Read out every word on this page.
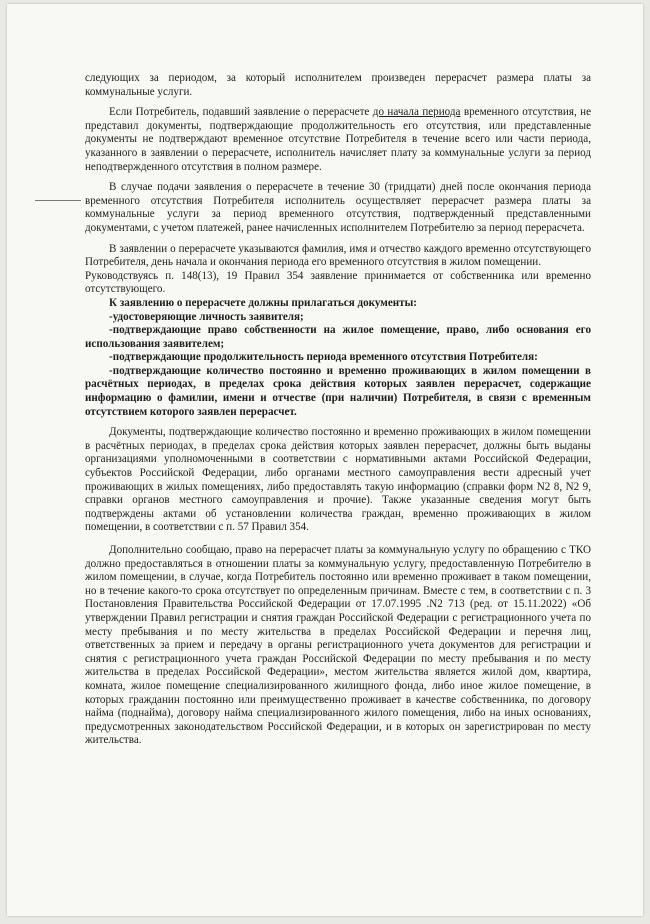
следующих за периодом, за который исполнителем произведен перерасчет размера платы за коммунальные услуги.

Если Потребитель, подавший заявление о перерасчете до начала периода временного отсутствия, не представил документы, подтверждающие продолжительность его отсутствия, или представленные документы не подтверждают временное отсутствие Потребителя в течение всего или части периода, указанного в заявлении о перерасчете, исполнитель начисляет плату за коммунальные услуги за период неподтвержденного отсутствия в полном размере.

В случае подачи заявления о перерасчете в течение 30 (тридцати) дней после окончания периода временного отсутствия Потребителя исполнитель осуществляет перерасчет размера платы за коммунальные услуги за период временного отсутствия, подтвержденный представленными документами, с учетом платежей, ранее начисленных исполнителем Потребителю за период перерасчета.

В заявлении о перерасчете указываются фамилия, имя и отчество каждого временно отсутствующего Потребителя, день начала и окончания периода его временного отсутствия в жилом помещении.

Руководствуясь п. 148(13), 19 Правил 354 заявление принимается от собственника или временно отсутствующего.

К заявлению о перерасчете должны прилагаться документы:

-удостоверяющие личность заявителя;

-подтверждающие право собственности на жилое помещение, право, либо основания его использования заявителем;

-подтверждающие продолжительность периода временного отсутствия Потребителя:

-подтверждающие количество постоянно и временно проживающих в жилом помещении в расчётных периодах, в пределах срока действия которых заявлен перерасчет, содержащие информацию о фамилии, имени и отчестве (при наличии) Потребителя, в связи с временным отсутствием которого заявлен перерасчет.

Документы, подтверждающие количество постоянно и временно проживающих в жилом помещении в расчётных периодах, в пределах срока действия которых заявлен перерасчет, должны быть выданы организациями уполномоченными в соответствии с нормативными актами Российской Федерации, субъектов Российской Федерации, либо органами местного самоуправления вести адресный учет проживающих в жилых помещениях, либо предоставлять такую информацию (справки форм N2 8, N2 9, справки органов местного самоуправления и прочие). Также указанные сведения могут быть подтверждены актами об установлении количества граждан, временно проживающих в жилом помещении, в соответствии с п. 57 Правил 354.

Дополнительно сообщаю, право на перерасчет платы за коммунальную услугу по обращению с ТКО должно предоставляться в отношении платы за коммунальную услугу, предоставленную Потребителю в жилом помещении, в случае, когда Потребитель постоянно или временно проживает в таком помещении, но в течение какого-то срока отсутствует по определенным причинам. Вместе с тем, в соответствии с п. 3 Постановления Правительства Российской Федерации от 17.07.1995 .N2 713 (ред. от 15.11.2022) «Об утверждении Правил регистрации и снятия граждан Российской Федерации с регистрационного учета по месту пребывания и по месту жительства в пределах Российской Федерации и перечня лиц, ответственных за прием и передачу в органы регистрационного учета документов для регистрации и снятия с регистрационного учета граждан Российской Федерации по месту пребывания и по месту жительства в пределах Российской Федерации», местом жительства является жилой дом, квартира, комната, жилое помещение специализированного жилищного фонда, либо иное жилое помещение, в которых гражданин постоянно или преимущественно проживает в качестве собственника, по договору найма (поднайма), договору найма специализированного жилого помещения, либо на иных основаниях, предусмотренных законодательством Российской Федерации, и в которых он зарегистрирован по месту жительства.
